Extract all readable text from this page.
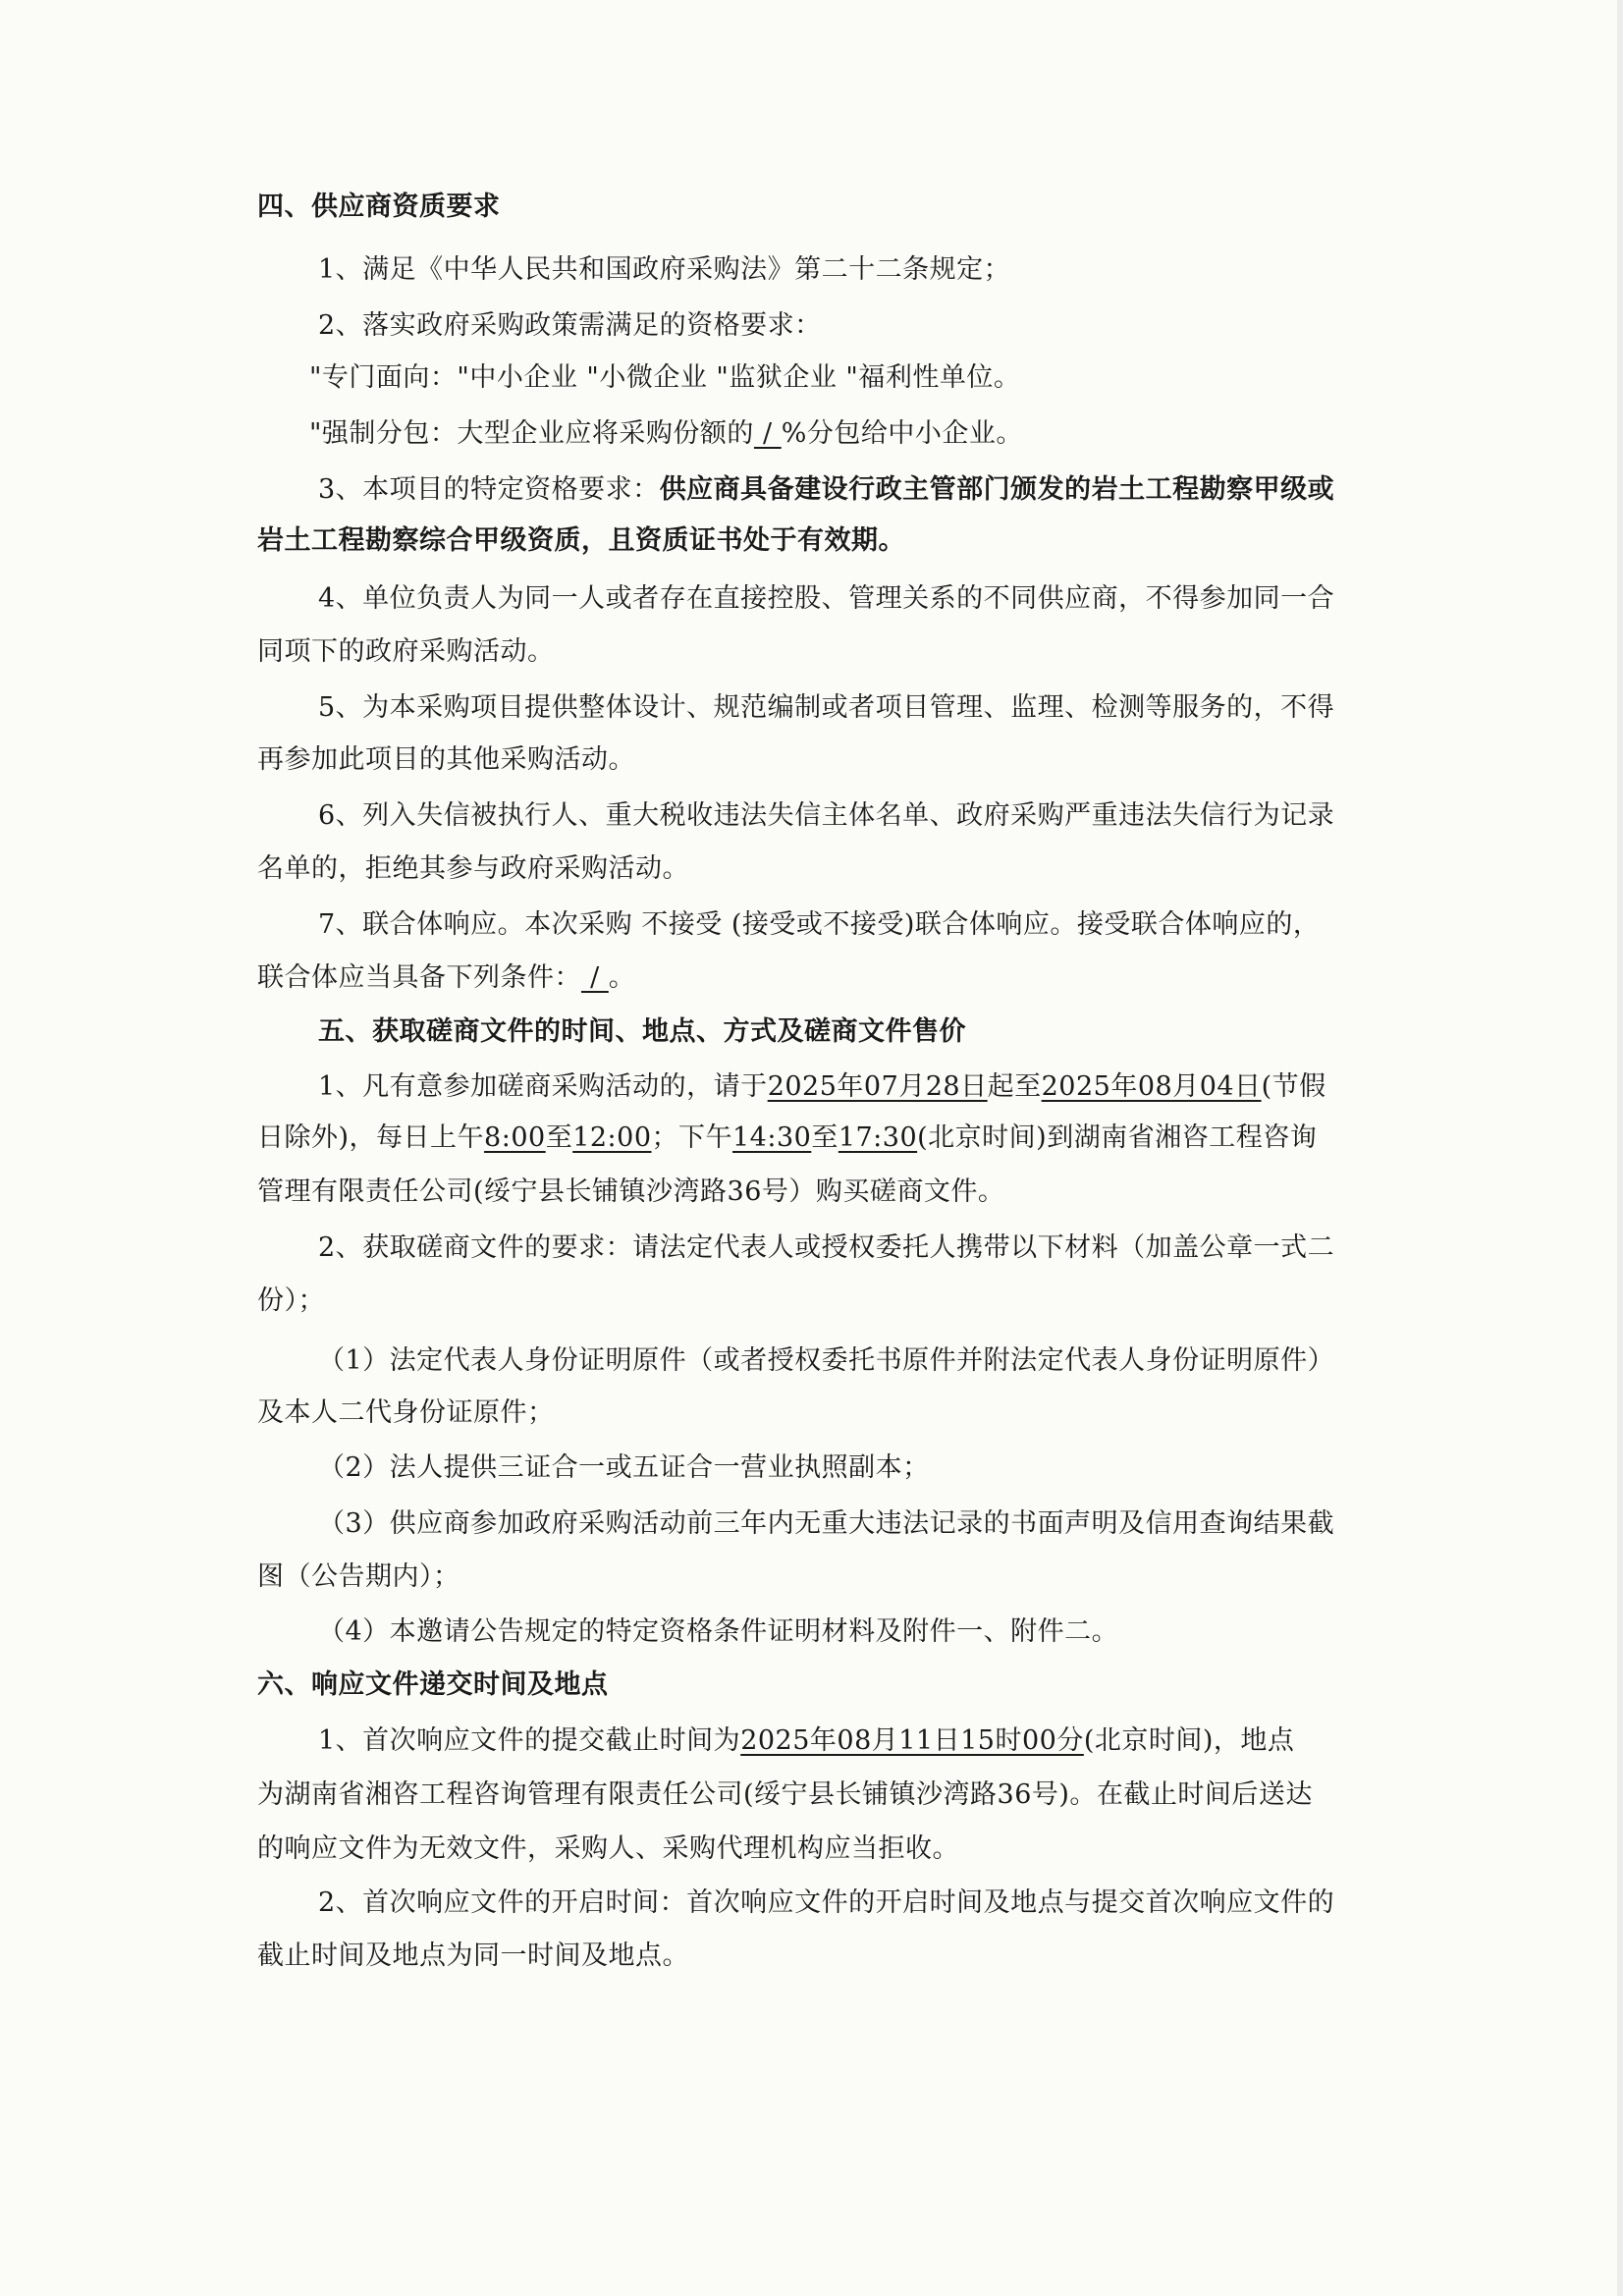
四、供应商资质要求
1、满足《中华人民共和国政府采购法》第二十二条规定；
2、落实政府采购政策需满足的资格要求：
"专门面向："中小企业 "小微企业 "监狱企业 "福利性单位。
"强制分包：大型企业应将采购份额的 / %分包给中小企业。
3、本项目的特定资格要求：供应商具备建设行政主管部门颁发的岩土工程勘察甲级或
岩土工程勘察综合甲级资质，且资质证书处于有效期。
4、单位负责人为同一人或者存在直接控股、管理关系的不同供应商，不得参加同一合
同项下的政府采购活动。
5、为本采购项目提供整体设计、规范编制或者项目管理、监理、检测等服务的，不得
再参加此项目的其他采购活动。
6、列入失信被执行人、重大税收违法失信主体名单、政府采购严重违法失信行为记录
名单的，拒绝其参与政府采购活动。
7、联合体响应。本次采购 不接受 (接受或不接受)联合体响应。接受联合体响应的，
联合体应当具备下列条件： / 。
五、获取磋商文件的时间、地点、方式及磋商文件售价
1、凡有意参加磋商采购活动的，请于2025年07月28日起至2025年08月04日(节假
日除外)，每日上午8:00至12:00；下午14:30至17:30(北京时间)到湖南省湘咨工程咨询
管理有限责任公司(绥宁县长铺镇沙湾路36号）购买磋商文件。
2、获取磋商文件的要求：请法定代表人或授权委托人携带以下材料（加盖公章一式二
份）；
（1）法定代表人身份证明原件（或者授权委托书原件并附法定代表人身份证明原件）
及本人二代身份证原件；
（2）法人提供三证合一或五证合一营业执照副本；
（3）供应商参加政府采购活动前三年内无重大违法记录的书面声明及信用查询结果截
图（公告期内）；
（4）本邀请公告规定的特定资格条件证明材料及附件一、附件二。
六、响应文件递交时间及地点
1、首次响应文件的提交截止时间为2025年08月11日15时00分(北京时间)，地点
为湖南省湘咨工程咨询管理有限责任公司(绥宁县长铺镇沙湾路36号)。在截止时间后送达
的响应文件为无效文件，采购人、采购代理机构应当拒收。
2、首次响应文件的开启时间：首次响应文件的开启时间及地点与提交首次响应文件的
截止时间及地点为同一时间及地点。
